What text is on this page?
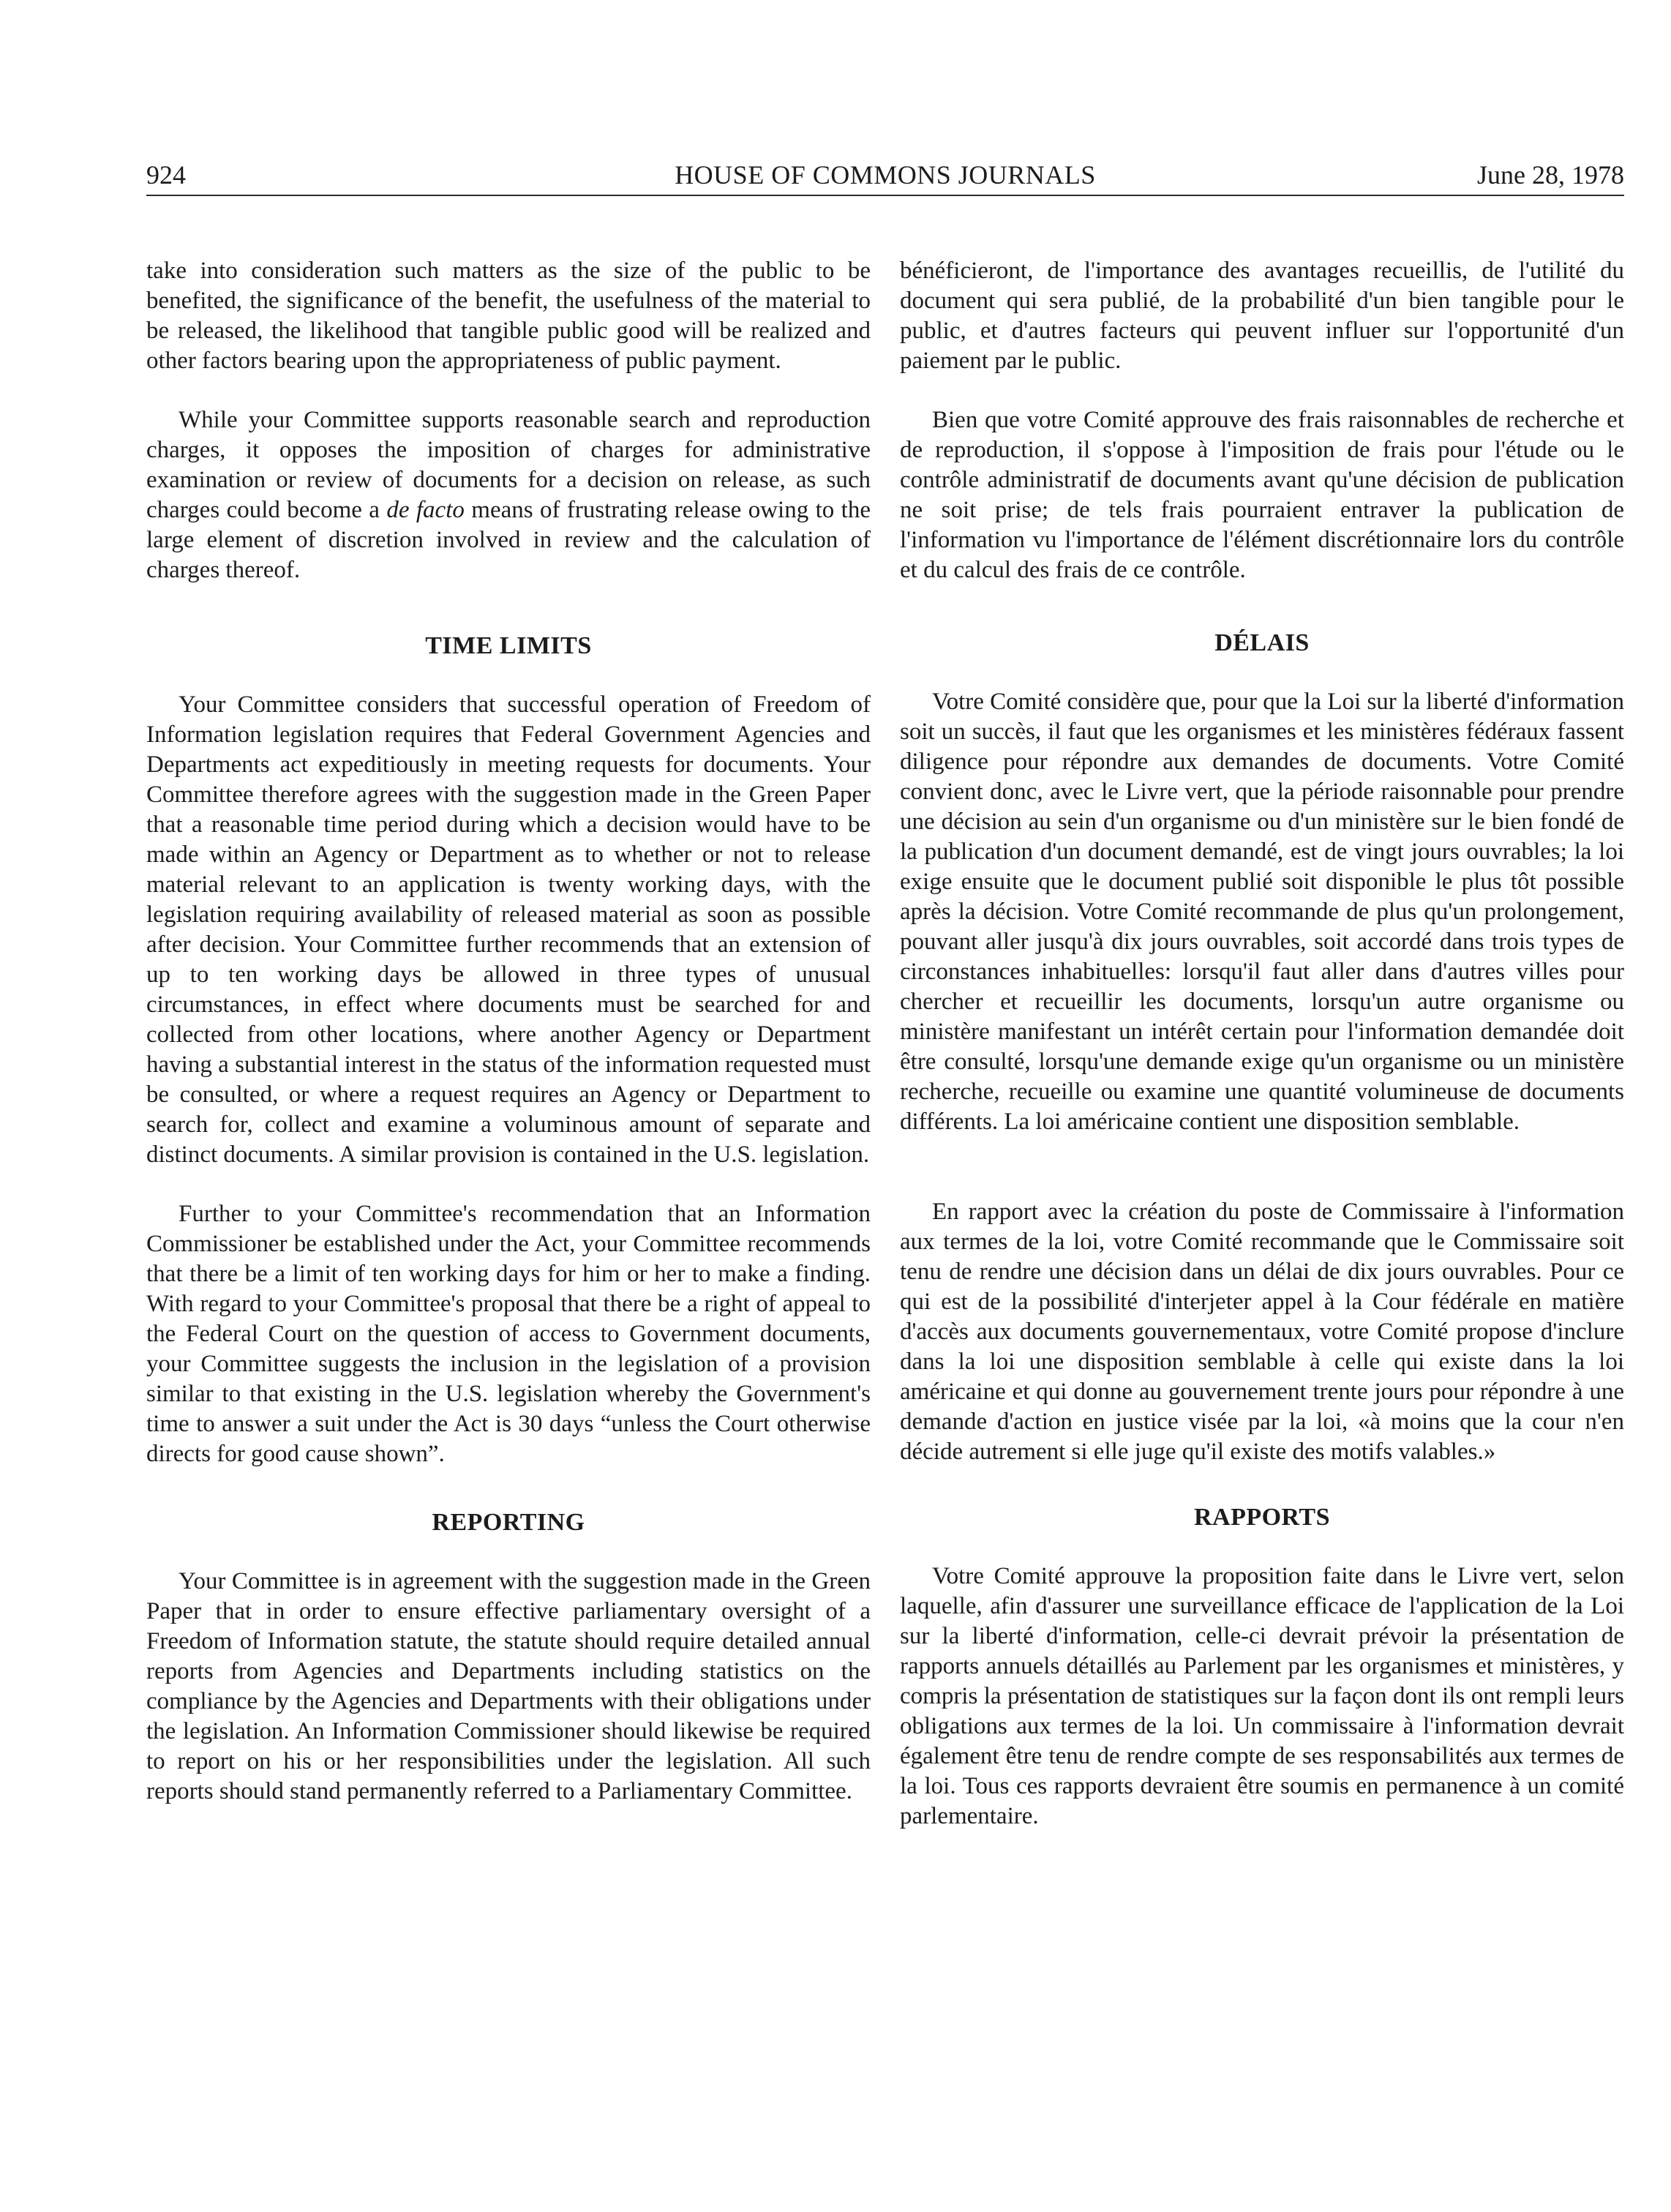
924	HOUSE OF COMMONS JOURNALS	June 28, 1978

take into consideration such matters as the size of the public to be benefited, the significance of the benefit, the usefulness of the material to be released, the likelihood that tangible public good will be realized and other factors bearing upon the appropriateness of public payment.

While your Committee supports reasonable search and reproduction charges, it opposes the imposition of charges for administrative examination or review of documents for a decision on release, as such charges could become a de facto means of frustrating release owing to the large element of discretion involved in review and the calculation of charges thereof.

TIME LIMITS

Your Committee considers that successful operation of Freedom of Information legislation requires that Federal Government Agencies and Departments act expeditiously in meeting requests for documents. Your Committee therefore agrees with the suggestion made in the Green Paper that a reasonable time period during which a decision would have to be made within an Agency or Department as to whether or not to release material relevant to an application is twenty working days, with the legislation requiring availability of released material as soon as possible after decision. Your Committee further recommends that an extension of up to ten working days be allowed in three types of unusual circumstances, in effect where documents must be searched for and collected from other locations, where another Agency or Department having a substantial interest in the status of the information requested must be consulted, or where a request requires an Agency or Department to search for, collect and examine a voluminous amount of separate and distinct documents. A similar provision is contained in the U.S. legislation.

Further to your Committee's recommendation that an Information Commissioner be established under the Act, your Committee recommends that there be a limit of ten working days for him or her to make a finding. With regard to your Committee's proposal that there be a right of appeal to the Federal Court on the question of access to Government documents, your Committee suggests the inclusion in the legislation of a provision similar to that existing in the U.S. legislation whereby the Government's time to answer a suit under the Act is 30 days “unless the Court otherwise directs for good cause shown”.

REPORTING

Your Committee is in agreement with the suggestion made in the Green Paper that in order to ensure effective parliamentary oversight of a Freedom of Information statute, the statute should require detailed annual reports from Agencies and Departments including statistics on the compliance by the Agencies and Departments with their obligations under the legislation. An Information Commissioner should likewise be required to report on his or her responsibilities under the legislation. All such reports should stand permanently referred to a Parliamentary Committee.

bénéficieront, de l'importance des avantages recueillis, de l'utilité du document qui sera publié, de la probabilité d'un bien tangible pour le public, et d'autres facteurs qui peuvent influer sur l'opportunité d'un paiement par le public.

Bien que votre Comité approuve des frais raisonnables de recherche et de reproduction, il s'oppose à l'imposition de frais pour l'étude ou le contrôle administratif de documents avant qu'une décision de publication ne soit prise; de tels frais pourraient entraver la publication de l'information vu l'importance de l'élément discrétionnaire lors du contrôle et du calcul des frais de ce contrôle.

DÉLAIS

Votre Comité considère que, pour que la Loi sur la liberté d'information soit un succès, il faut que les organismes et les ministères fédéraux fassent diligence pour répondre aux demandes de documents. Votre Comité convient donc, avec le Livre vert, que la période raisonnable pour prendre une décision au sein d'un organisme ou d'un ministère sur le bien fondé de la publication d'un document demandé, est de vingt jours ouvrables; la loi exige ensuite que le document publié soit disponible le plus tôt possible après la décision. Votre Comité recommande de plus qu'un prolongement, pouvant aller jusqu'à dix jours ouvrables, soit accordé dans trois types de circonstances inhabituelles: lorsqu'il faut aller dans d'autres villes pour chercher et recueillir les documents, lorsqu'un autre organisme ou ministère manifestant un intérêt certain pour l'information demandée doit être consulté, lorsqu'une demande exige qu'un organisme ou un ministère recherche, recueille ou examine une quantité volumineuse de documents différents. La loi américaine contient une disposition semblable.

En rapport avec la création du poste de Commissaire à l'information aux termes de la loi, votre Comité recommande que le Commissaire soit tenu de rendre une décision dans un délai de dix jours ouvrables. Pour ce qui est de la possibilité d'interjeter appel à la Cour fédérale en matière d'accès aux documents gouvernementaux, votre Comité propose d'inclure dans la loi une disposition semblable à celle qui existe dans la loi américaine et qui donne au gouvernement trente jours pour répondre à une demande d'action en justice visée par la loi, «à moins que la cour n'en décide autrement si elle juge qu'il existe des motifs valables.»

RAPPORTS

Votre Comité approuve la proposition faite dans le Livre vert, selon laquelle, afin d'assurer une surveillance efficace de l'application de la Loi sur la liberté d'information, celle-ci devrait prévoir la présentation de rapports annuels détaillés au Parlement par les organismes et ministères, y compris la présentation de statistiques sur la façon dont ils ont rempli leurs obligations aux termes de la loi. Un commissaire à l'information devrait également être tenu de rendre compte de ses responsabilités aux termes de la loi. Tous ces rapports devraient être soumis en permanence à un comité parlementaire.
